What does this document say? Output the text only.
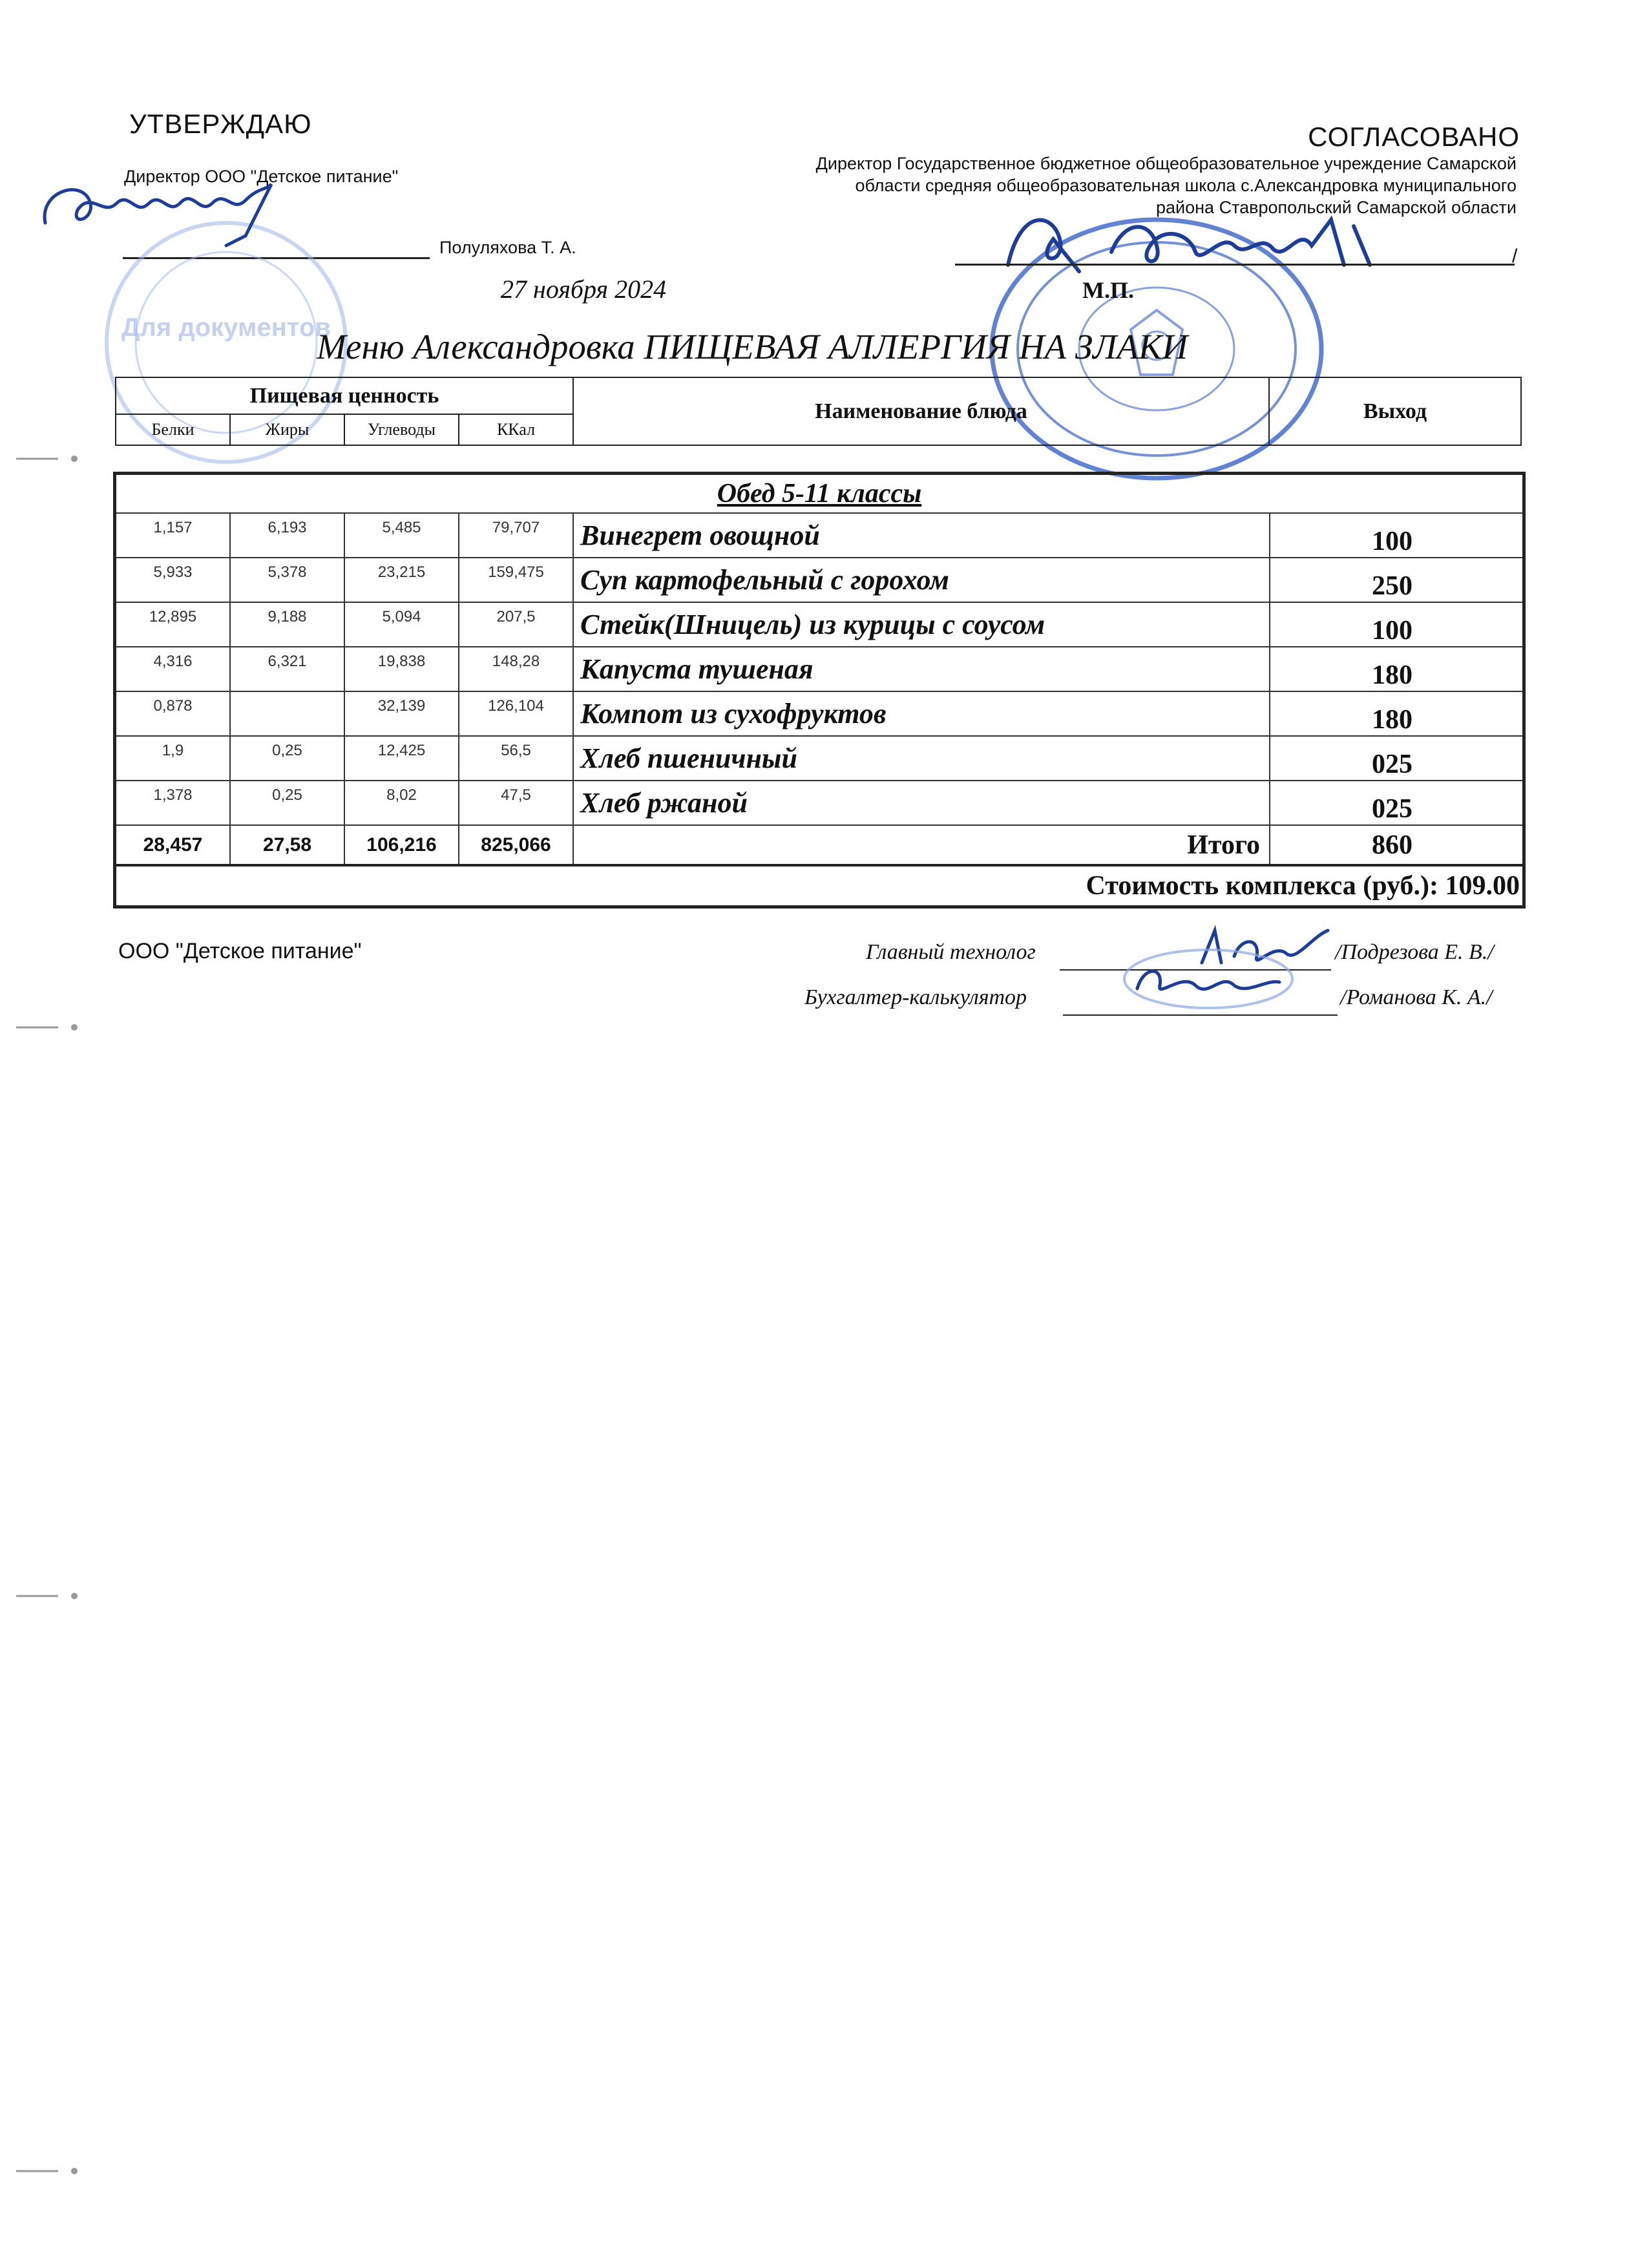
УТВЕРЖДАЮ
Директор ООО "Детское питание"
Полуляхова Т. А.
27 ноября 2024
Для документов
СОГЛАСОВАНО
Директор Государственное бюджетное общеобразовательное учреждение Самарской
области средняя общеобразовательная школа с.Александровка муниципального
района Ставропольский Самарской области
/
М.П.
Меню Александровка ПИЩЕВАЯ АЛЛЕРГИЯ НА ЗЛАКИ
Пищевая ценность				Наименование блюда	Выход
Белки	Жиры	Углеводы	ККал		
Обед 5-11 классы					
1,157	6,193	5,485	79,707	Винегрет овощной	100
5,933	5,378	23,215	159,475	Суп картофельный с горохом	250
12,895	9,188	5,094	207,5	Стейк(Шницель) из курицы с соусом	100
4,316	6,321	19,838	148,28	Капуста тушеная	180
0,878		32,139	126,104	Компот из сухофруктов	180
1,9	0,25	12,425	56,5	Хлеб пшеничный	025
1,378	0,25	8,02	47,5	Хлеб ржаной	025
28,457	27,58	106,216	825,066	Итого	860
Стоимость комплекса (руб.): 109.00					
ООО "Детское питание"	Главный технолог	/Подрезова Е. В./
Бухгалтер-калькулятор	/Романова К. А./
